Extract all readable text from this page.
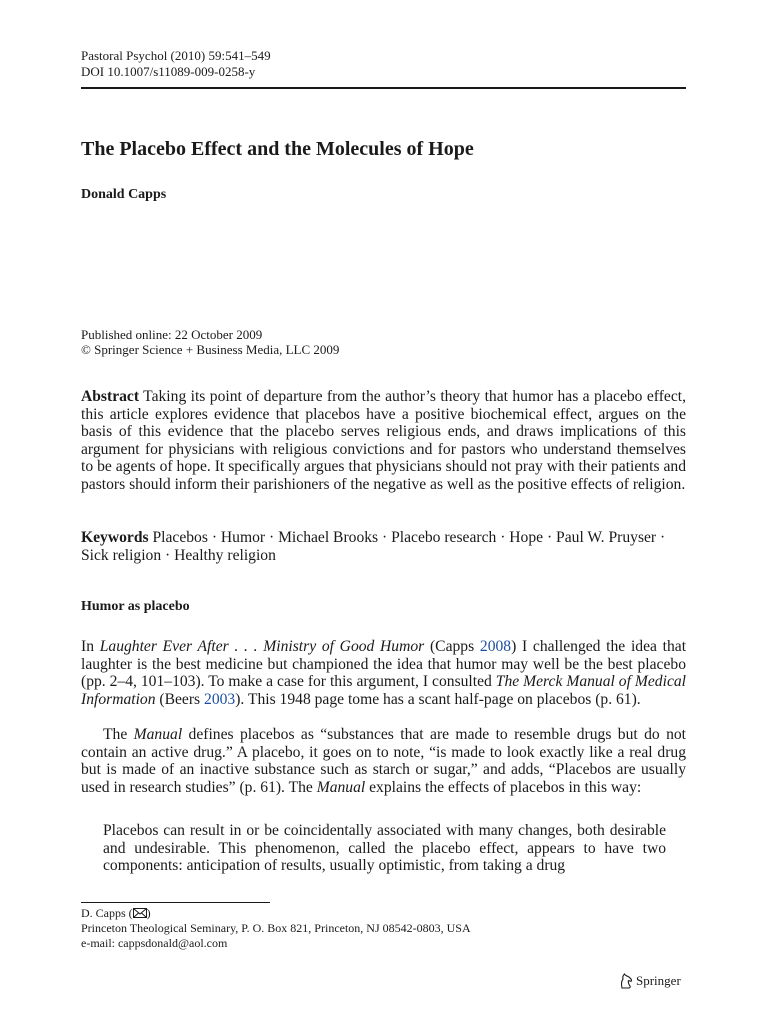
Pastoral Psychol (2010) 59:541–549
DOI 10.1007/s11089-009-0258-y
The Placebo Effect and the Molecules of Hope
Donald Capps
Published online: 22 October 2009
© Springer Science + Business Media, LLC 2009

Abstract Taking its point of departure from the author’s theory that humor has a placebo effect, this article explores evidence that placebos have a positive biochemical effect, argues on the basis of this evidence that the placebo serves religious ends, and draws implications of this argument for physicians with religious convictions and for pastors who understand themselves to be agents of hope. It specifically argues that physicians should not pray with their patients and pastors should inform their parishioners of the negative as well as the positive effects of religion.

Keywords Placebos · Humor · Michael Brooks · Placebo research · Hope · Paul W. Pruyser ·
Sick religion · Healthy religion
Humor as placebo

In Laughter Ever After . . . Ministry of Good Humor (Capps 2008) I challenged the idea that laughter is the best medicine but championed the idea that humor may well be the best placebo (pp. 2–4, 101–103). To make a case for this argument, I consulted The Merck Manual of Medical Information (Beers 2003). This 1948 page tome has a scant half-page on placebos (p. 61).

The Manual defines placebos as “substances that are made to resemble drugs but do not contain an active drug.” A placebo, it goes on to note, “is made to look exactly like a real drug but is made of an inactive substance such as starch or sugar,” and adds, “Placebos are usually used in research studies” (p. 61). The Manual explains the effects of placebos in this way:

Placebos can result in or be coincidentally associated with many changes, both desirable and undesirable. This phenomenon, called the placebo effect, appears to have two components: anticipation of results, usually optimistic, from taking a drug

D. Capps ( )
Princeton Theological Seminary, P. O. Box 821, Princeton, NJ 08542-0803, USA
e-mail: cappsdonald@aol.com
Springer
